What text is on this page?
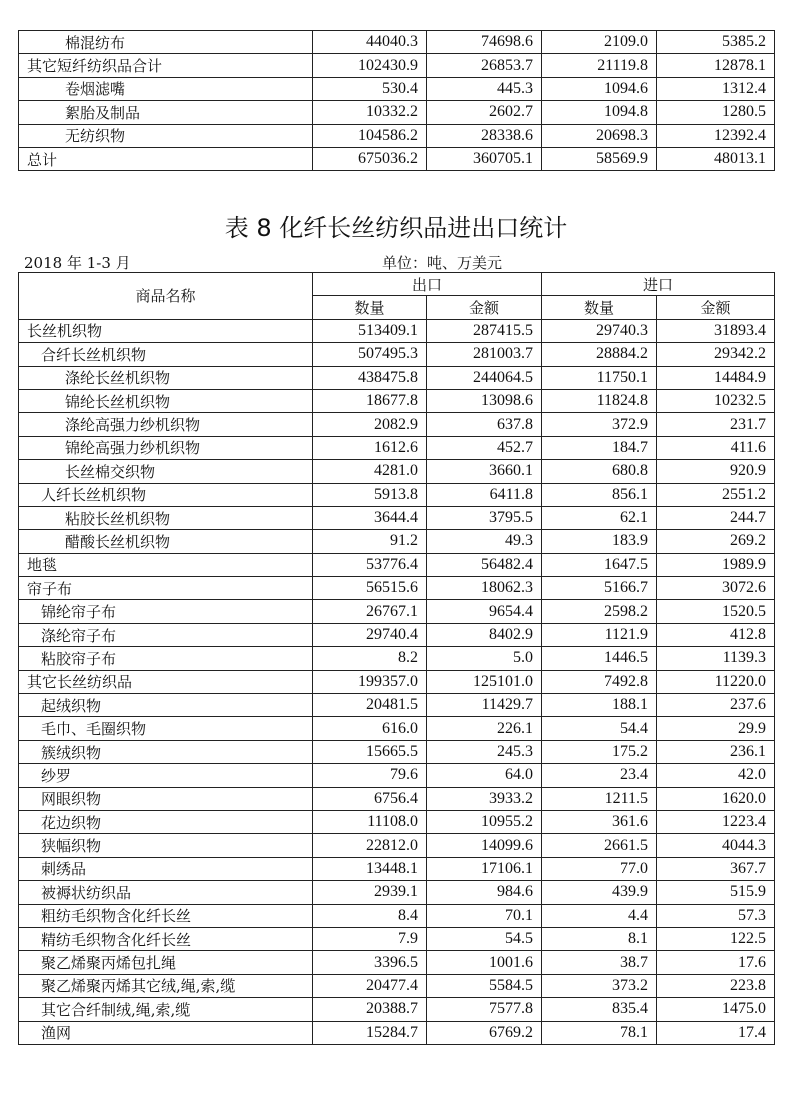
棉混纺布	44040.3	74698.6	2109.0	5385.2
其它短纤纺织品合计	102430.9	26853.7	21119.8	12878.1
卷烟滤嘴	530.4	445.3	1094.6	1312.4
絮胎及制品	10332.2	2602.7	1094.8	1280.5
无纺织物	104586.2	28338.6	20698.3	12392.4
总计	675036.2	360705.1	58569.9	48013.1
表 8 化纤长丝纺织品进出口统计
2018 年 1-3 月	单位：吨、万美元
商品名称	出口		进口	
	数量	金额	数量	金额
长丝机织物	513409.1	287415.5	29740.3	31893.4
合纤长丝机织物	507495.3	281003.7	28884.2	29342.2
涤纶长丝机织物	438475.8	244064.5	11750.1	14484.9
锦纶长丝机织物	18677.8	13098.6	11824.8	10232.5
涤纶高强力纱机织物	2082.9	637.8	372.9	231.7
锦纶高强力纱机织物	1612.6	452.7	184.7	411.6
长丝棉交织物	4281.0	3660.1	680.8	920.9
人纤长丝机织物	5913.8	6411.8	856.1	2551.2
粘胶长丝机织物	3644.4	3795.5	62.1	244.7
醋酸长丝机织物	91.2	49.3	183.9	269.2
地毯	53776.4	56482.4	1647.5	1989.9
帘子布	56515.6	18062.3	5166.7	3072.6
锦纶帘子布	26767.1	9654.4	2598.2	1520.5
涤纶帘子布	29740.4	8402.9	1121.9	412.8
粘胶帘子布	8.2	5.0	1446.5	1139.3
其它长丝纺织品	199357.0	125101.0	7492.8	11220.0
起绒织物	20481.5	11429.7	188.1	237.6
毛巾、毛圈织物	616.0	226.1	54.4	29.9
簇绒织物	15665.5	245.3	175.2	236.1
纱罗	79.6	64.0	23.4	42.0
网眼织物	6756.4	3933.2	1211.5	1620.0
花边织物	11108.0	10955.2	361.6	1223.4
狭幅织物	22812.0	14099.6	2661.5	4044.3
刺绣品	13448.1	17106.1	77.0	367.7
被褥状纺织品	2939.1	984.6	439.9	515.9
粗纺毛织物含化纤长丝	8.4	70.1	4.4	57.3
精纺毛织物含化纤长丝	7.9	54.5	8.1	122.5
聚乙烯聚丙烯包扎绳	3396.5	1001.6	38.7	17.6
聚乙烯聚丙烯其它绒,绳,索,缆	20477.4	5584.5	373.2	223.8
其它合纤制绒,绳,索,缆	20388.7	7577.8	835.4	1475.0
渔网	15284.7	6769.2	78.1	17.4
